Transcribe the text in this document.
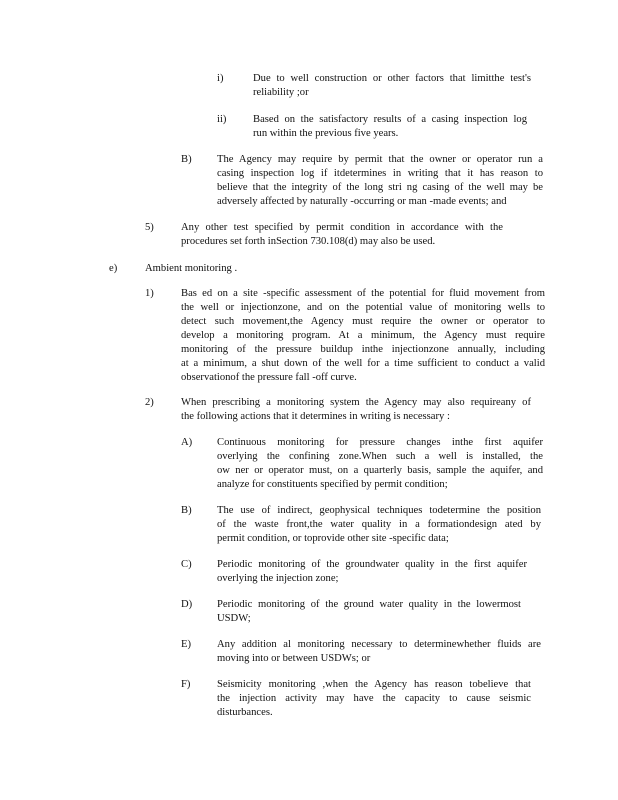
i)	Due to well construction or other factors that limitthe test's
reliability ;or
ii)	Based on the satisfactory results of a casing inspection log
run within the previous five years.
B) The Agency may require by permit that the owner or operator run a
casing inspection log if itdetermines in writing that it has reason to
believe that the integrity of the long stri ng casing of the well may be
adversely affected by naturally -occurring or man -made events; and
5)	Any other test specified by permit condition in accordance with the
procedures set forth inSection 730.108(d) may also be used.
e)	Ambient monitoring .
1)	Bas ed on a site -specific assessment of the potential for fluid movement from
the well or injectionzone, and on the potential value of monitoring wells to
detect such movement,the Agency must require the owner or operator to
develop a monitoring program. At a minimum, the Agency must require
monitoring of the pressure buildup inthe injectionzone annually, including
at a minimum, a shut down of the well for a time sufficient to conduct a valid
observationof the pressure fall -off curve.
2)	When prescribing a monitoring system the Agency may also requireany of
the following actions that it determines in writing is necessary :
A) Continuous monitoring for pressure changes inthe first aquifer
overlying the confining zone.When such a well is installed, the
ow ner or operator must, on a quarterly basis, sample the aquifer, and
analyze for constituents specified by permit condition;
B) The use of indirect, geophysical techniques todetermine the position
of the waste front,the water quality in a formationdesign ated by
permit condition, or toprovide other site -specific data;
C) Periodic monitoring of the groundwater quality in the first aquifer
overlying the injection zone;
D) Periodic monitoring of the ground water quality in the lowermost
USDW;
E) Any addition al monitoring necessary to determinewhether fluids are
moving into or between USDWs; or
F)	Seismicity monitoring ,when the Agency has reason tobelieve that
the injection activity may have the capacity to cause seismic
disturbances.
